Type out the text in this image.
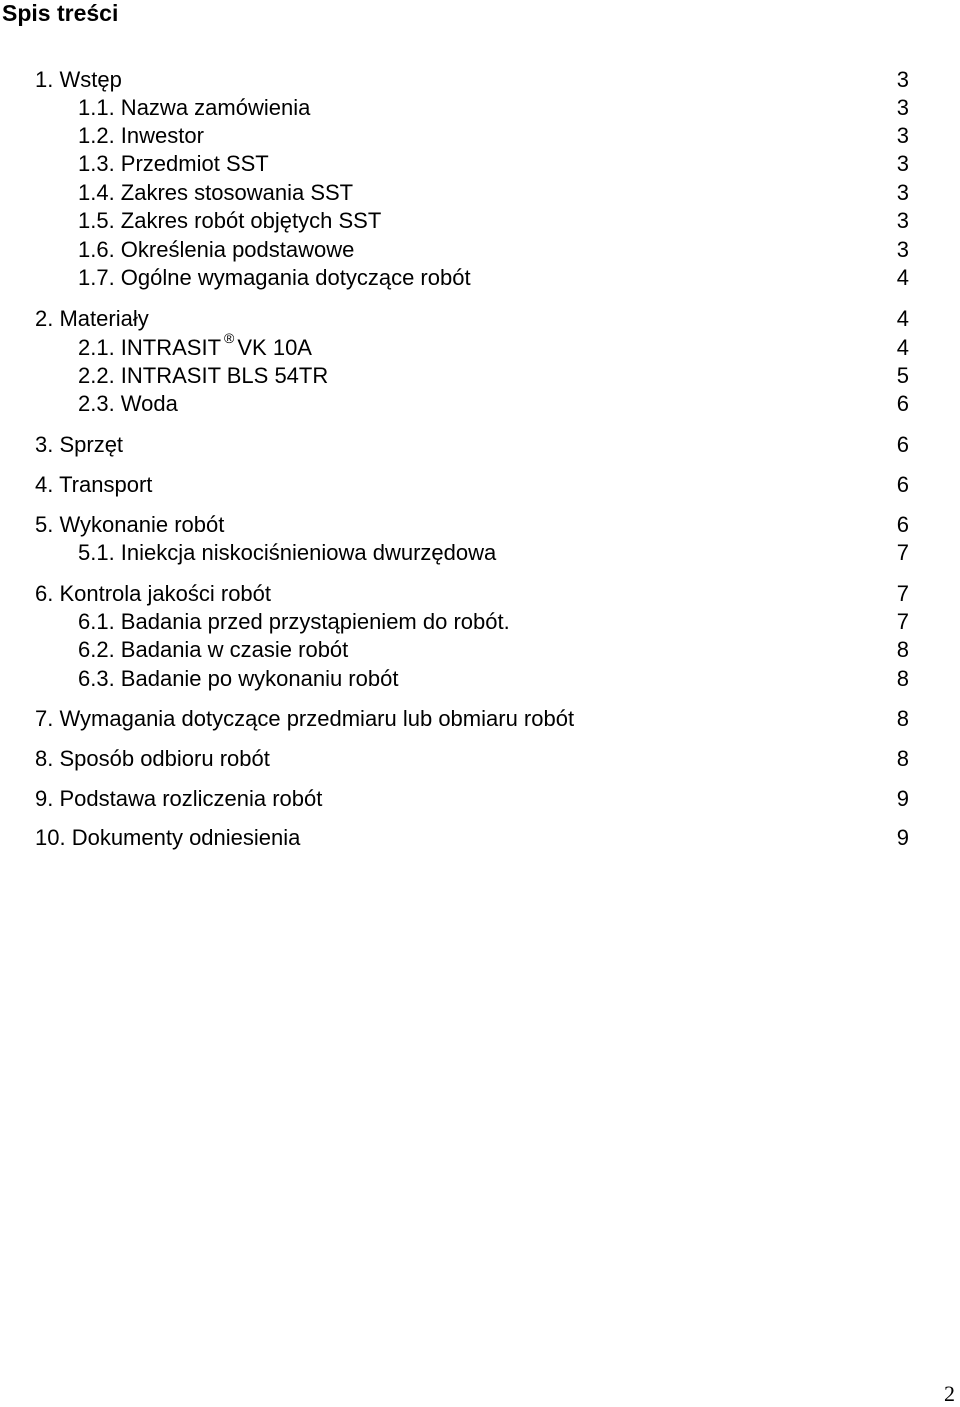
Spis treści
1. Wstęp	3
1.1. Nazwa zamówienia	3
1.2. Inwestor	3
1.3. Przedmiot SST	3
1.4. Zakres stosowania SST	3
1.5. Zakres robót objętych SST	3
1.6. Określenia podstawowe	3
1.7. Ogólne wymagania dotyczące robót	4
2. Materiały	4
2.1. INTRASIT ® VK 10A	4
2.2. INTRASIT BLS 54TR	5
2.3. Woda	6
3. Sprzęt	6
4. Transport	6
5. Wykonanie robót	6
5.1. Iniekcja niskociśnieniowa dwurzędowa	7
6. Kontrola jakości robót	7
6.1. Badania przed przystąpieniem do robót.	7
6.2. Badania w czasie robót	8
6.3. Badanie po wykonaniu robót	8
7. Wymagania dotyczące przedmiaru lub obmiaru robót	8
8. Sposób odbioru robót	8
9. Podstawa rozliczenia robót	9
10. Dokumenty odniesienia	9
2
